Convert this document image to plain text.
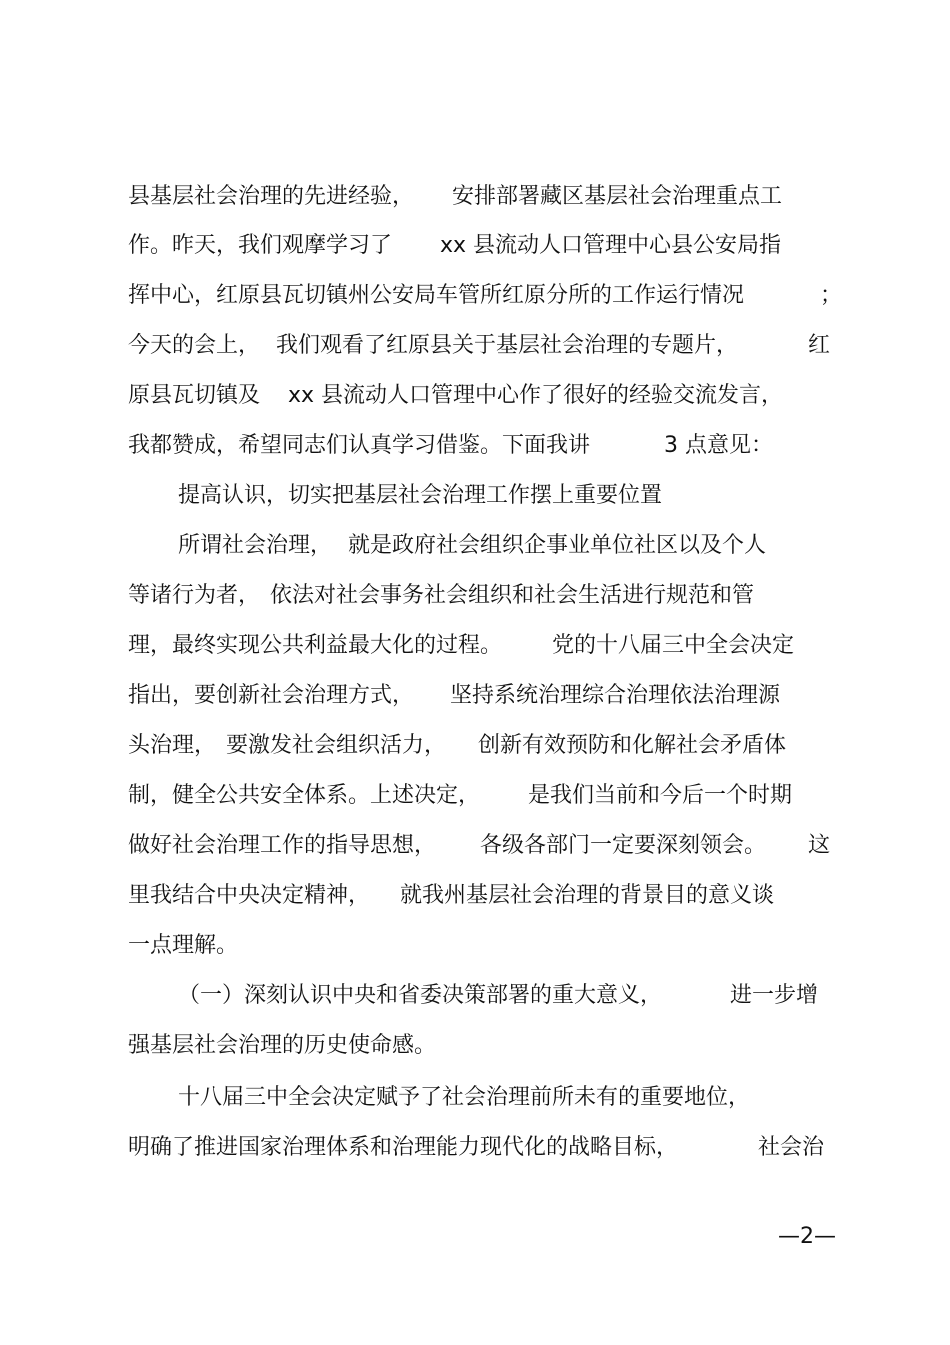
县基层社会治理的先进经验，

安排部署藏区基层社会治理重点工

作。昨天，我们观摩学习了

xx 县流动人口管理中心县公安局指

挥中心，红原县瓦切镇州公安局车管所红原分所的工作运行情况

	；

今天的会上，

我们观看了红原县关于基层社会治理的专题片，

	红

原县瓦切镇及

xx 县流动人口管理中心作了很好的经验交流发言，

我都赞成，希望同志们认真学习借鉴。下面我讲

	3 点意见：

提高认识，切实把基层社会治理工作摆上重要位置

所谓社会治理，

就是政府社会组织企事业单位社区以及个人

等诸行为者，

依法对社会事务社会组织和社会生活进行规范和管

理，最终实现公共利益最大化的过程。

党的十八届三中全会决定

指出，要创新社会治理方式，

坚持系统治理综合治理依法治理源

头治理，

要激发社会组织活力，

创新有效预防和化解社会矛盾体

制，健全公共安全体系。上述决定，

是我们当前和今后一个时期

做好社会治理工作的指导思想，

各级各部门一定要深刻领会。

这

里我结合中央决定精神，

就我州基层社会治理的背景目的意义谈

一点理解。

（一）深刻认识中央和省委决策部署的重大意义，

	进一步增

强基层社会治理的历史使命感。

十八届三中全会决定赋予了社会治理前所未有的重要地位，

明确了推进国家治理体系和治理能力现代化的战略目标，

	社会治

—2—
